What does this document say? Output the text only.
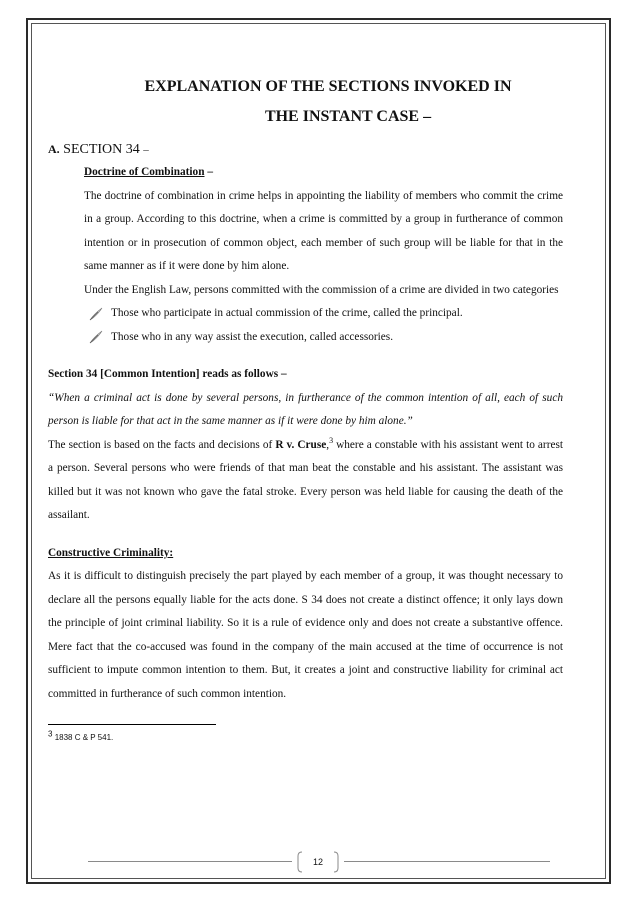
EXPLANATION OF THE SECTIONS INVOKED IN
THE INSTANT CASE –
A. SECTION 34 –
Doctrine of Combination –

The doctrine of combination in crime helps in appointing the liability of members who commit the crime in a group. According to this doctrine, when a crime is committed by a group in furtherance of common intention or in prosecution of common object, each member of such group will be liable for that in the same manner as if it were done by him alone.

Under the English Law, persons committed with the commission of a crime are divided in two categories

Those who participate in actual commission of the crime, called the principal.
Those who in any way assist the execution, called accessories.

Section 34 [Common Intention] reads as follows –

“When a criminal act is done by several persons, in furtherance of the common intention of all, each of such person is liable for that act in the same manner as if it were done by him alone.”

The section is based on the facts and decisions of R v. Cruse,$^3$ where a constable with his assistant went to arrest a person. Several persons who were friends of that man beat the constable and his assistant. The assistant was killed but it was not known who gave the fatal stroke. Every person was held liable for causing the death of the assailant.

Constructive Criminality:

As it is difficult to distinguish precisely the part played by each member of a group, it was thought necessary to declare all the persons equally liable for the acts done. S 34 does not create a distinct offence; it only lays down the principle of joint criminal liability. So it is a rule of evidence only and does not create a substantive offence. Mere fact that the co-accused was found in the company of the main accused at the time of occurrence is not sufficient to impute common intention to them. But, it creates a joint and constructive liability for criminal act committed in furtherance of such common intention.

$^3$ 1838 C & P 541.
12
